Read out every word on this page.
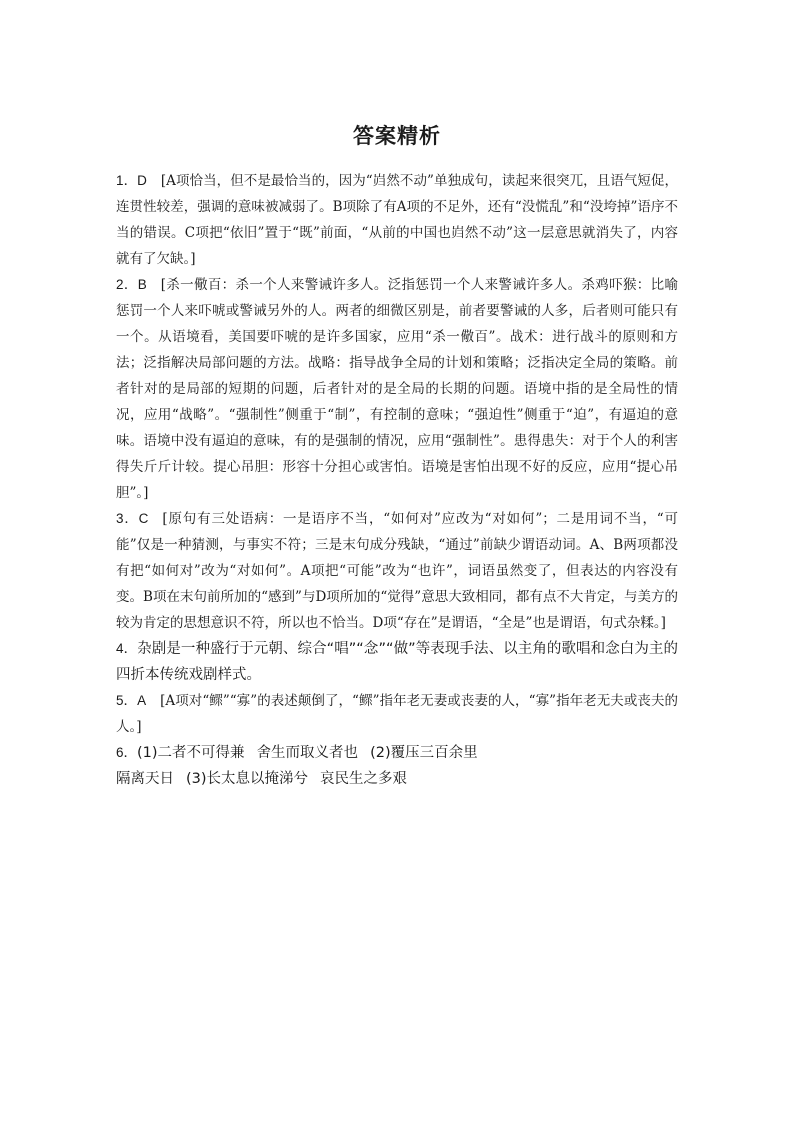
答案精析

1．D [A项恰当，但不是最恰当的，因为“岿然不动”单独成句，读起来很突兀，且语气短促，连贯性较差，强调的意味被减弱了。B项除了有A项的不足外，还有“没慌乱”和“没垮掉”语序不当的错误。C项把“依旧”置于“既”前面，“从前的中国也岿然不动”这一层意思就消失了，内容就有了欠缺。]

2．B [杀一儆百：杀一个人来警诫许多人。泛指惩罚一个人来警诫许多人。杀鸡吓猴：比喻惩罚一个人来吓唬或警诫另外的人。两者的细微区别是，前者要警诫的人多，后者则可能只有一个。从语境看，美国要吓唬的是许多国家，应用“杀一儆百”。战术：进行战斗的原则和方法；泛指解决局部问题的方法。战略：指导战争全局的计划和策略；泛指决定全局的策略。前者针对的是局部的短期的问题，后者针对的是全局的长期的问题。语境中指的是全局性的情况，应用“战略”。“强制性”侧重于“制”，有控制的意味；“强迫性”侧重于“迫”，有逼迫的意味。语境中没有逼迫的意味，有的是强制的情况，应用“强制性”。患得患失：对于个人的利害得失斤斤计较。提心吊胆：形容十分担心或害怕。语境是害怕出现不好的反应，应用“提心吊胆”。]

3．C [原句有三处语病：一是语序不当，“如何对”应改为“对如何”；二是用词不当，“可能”仅是一种猜测，与事实不符；三是末句成分残缺，“通过”前缺少谓语动词。A、B两项都没有把“如何对”改为“对如何”。A项把“可能”改为“也许”，词语虽然变了，但表达的内容没有变。B项在末句前所加的“感到”与D项所加的“觉得”意思大致相同，都有点不大肯定，与美方的较为肯定的思想意识不符，所以也不恰当。D项“存在”是谓语，“全是”也是谓语，句式杂糅。]

4．杂剧是一种盛行于元朝、综合“唱”“念”“做”等表现手法、以主角的歌唱和念白为主的四折本传统戏剧样式。

5．A [A项对“鳏”“寡”的表述颠倒了，“鳏”指年老无妻或丧妻的人，“寡”指年老无夫或丧夫的人。]

6．(1)二者不可得兼 舍生而取义者也 (2)覆压三百余里
隔离天日 (3)长太息以掩涕兮 哀民生之多艰
